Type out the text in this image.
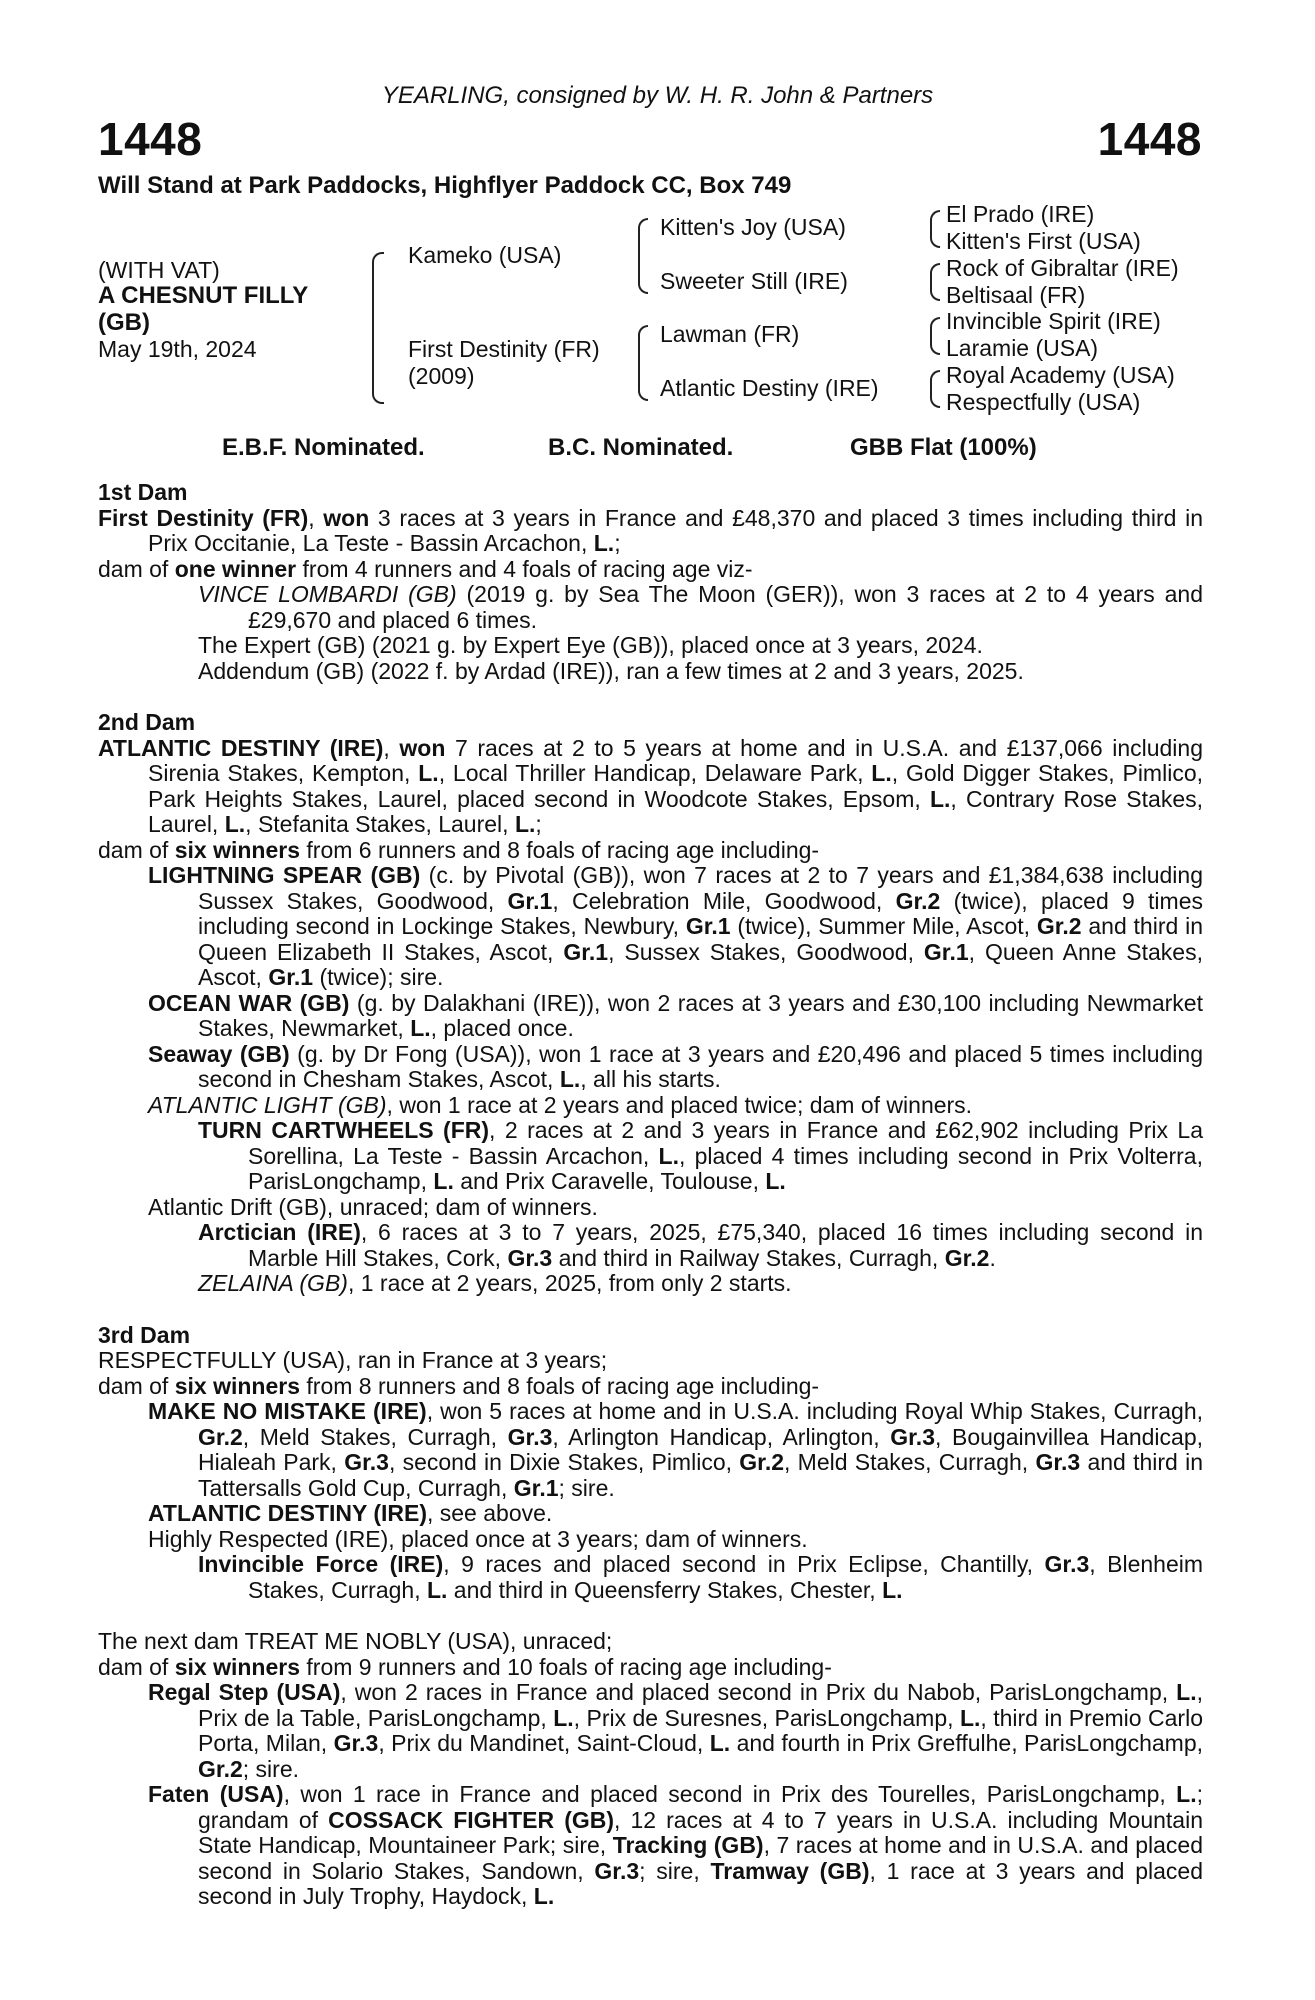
YEARLING, consigned by W. H. R. John & Partners
1448	1448
Will Stand at Park Paddocks, Highflyer Paddock CC, Box 749
(WITH VAT)
A CHESNUT FILLY
(GB)
May 19th, 2024
Kameko (USA)
First Destinity (FR)
(2009)
Kitten's Joy (USA)
Sweeter Still (IRE)
Lawman (FR)
Atlantic Destiny (IRE)
El Prado (IRE)
Kitten's First (USA)
Rock of Gibraltar (IRE)
Beltisaal (FR)
Invincible Spirit (IRE)
Laramie (USA)
Royal Academy (USA)
Respectfully (USA)
E.B.F. Nominated.	B.C. Nominated.	GBB Flat (100%)
1st Dam
First Destinity (FR), won 3 races at 3 years in France and £48,370 and placed 3 times including third in Prix Occitanie, La Teste - Bassin Arcachon, L.;
dam of one winner from 4 runners and 4 foals of racing age viz-
VINCE LOMBARDI (GB) (2019 g. by Sea The Moon (GER)), won 3 races at 2 to 4 years and £29,670 and placed 6 times.
The Expert (GB) (2021 g. by Expert Eye (GB)), placed once at 3 years, 2024.
Addendum (GB) (2022 f. by Ardad (IRE)), ran a few times at 2 and 3 years, 2025.
2nd Dam
ATLANTIC DESTINY (IRE), won 7 races at 2 to 5 years at home and in U.S.A. and £137,066 including Sirenia Stakes, Kempton, L., Local Thriller Handicap, Delaware Park, L., Gold Digger Stakes, Pimlico, Park Heights Stakes, Laurel, placed second in Woodcote Stakes, Epsom, L., Contrary Rose Stakes, Laurel, L., Stefanita Stakes, Laurel, L.;
dam of six winners from 6 runners and 8 foals of racing age including-
LIGHTNING SPEAR (GB) (c. by Pivotal (GB)), won 7 races at 2 to 7 years and £1,384,638 including Sussex Stakes, Goodwood, Gr.1, Celebration Mile, Goodwood, Gr.2 (twice), placed 9 times including second in Lockinge Stakes, Newbury, Gr.1 (twice), Summer Mile, Ascot, Gr.2 and third in Queen Elizabeth II Stakes, Ascot, Gr.1, Sussex Stakes, Goodwood, Gr.1, Queen Anne Stakes, Ascot, Gr.1 (twice); sire.
OCEAN WAR (GB) (g. by Dalakhani (IRE)), won 2 races at 3 years and £30,100 including Newmarket Stakes, Newmarket, L., placed once.
Seaway (GB) (g. by Dr Fong (USA)), won 1 race at 3 years and £20,496 and placed 5 times including second in Chesham Stakes, Ascot, L., all his starts.
ATLANTIC LIGHT (GB), won 1 race at 2 years and placed twice; dam of winners.
TURN CARTWHEELS (FR), 2 races at 2 and 3 years in France and £62,902 including Prix La Sorellina, La Teste - Bassin Arcachon, L., placed 4 times including second in Prix Volterra, ParisLongchamp, L. and Prix Caravelle, Toulouse, L.
Atlantic Drift (GB), unraced; dam of winners.
Arctician (IRE), 6 races at 3 to 7 years, 2025, £75,340, placed 16 times including second in Marble Hill Stakes, Cork, Gr.3 and third in Railway Stakes, Curragh, Gr.2.
ZELAINA (GB), 1 race at 2 years, 2025, from only 2 starts.
3rd Dam
RESPECTFULLY (USA), ran in France at 3 years;
dam of six winners from 8 runners and 8 foals of racing age including-
MAKE NO MISTAKE (IRE), won 5 races at home and in U.S.A. including Royal Whip Stakes, Curragh, Gr.2, Meld Stakes, Curragh, Gr.3, Arlington Handicap, Arlington, Gr.3, Bougainvillea Handicap, Hialeah Park, Gr.3, second in Dixie Stakes, Pimlico, Gr.2, Meld Stakes, Curragh, Gr.3 and third in Tattersalls Gold Cup, Curragh, Gr.1; sire.
ATLANTIC DESTINY (IRE), see above.
Highly Respected (IRE), placed once at 3 years; dam of winners.
Invincible Force (IRE), 9 races and placed second in Prix Eclipse, Chantilly, Gr.3, Blenheim Stakes, Curragh, L. and third in Queensferry Stakes, Chester, L.
The next dam TREAT ME NOBLY (USA), unraced;
dam of six winners from 9 runners and 10 foals of racing age including-
Regal Step (USA), won 2 races in France and placed second in Prix du Nabob, ParisLongchamp, L., Prix de la Table, ParisLongchamp, L., Prix de Suresnes, ParisLongchamp, L., third in Premio Carlo Porta, Milan, Gr.3, Prix du Mandinet, Saint-Cloud, L. and fourth in Prix Greffulhe, ParisLongchamp, Gr.2; sire.
Faten (USA), won 1 race in France and placed second in Prix des Tourelles, ParisLongchamp, L.; grandam of COSSACK FIGHTER (GB), 12 races at 4 to 7 years in U.S.A. including Mountain State Handicap, Mountaineer Park; sire, Tracking (GB), 7 races at home and in U.S.A. and placed second in Solario Stakes, Sandown, Gr.3; sire, Tramway (GB), 1 race at 3 years and placed second in July Trophy, Haydock, L.
